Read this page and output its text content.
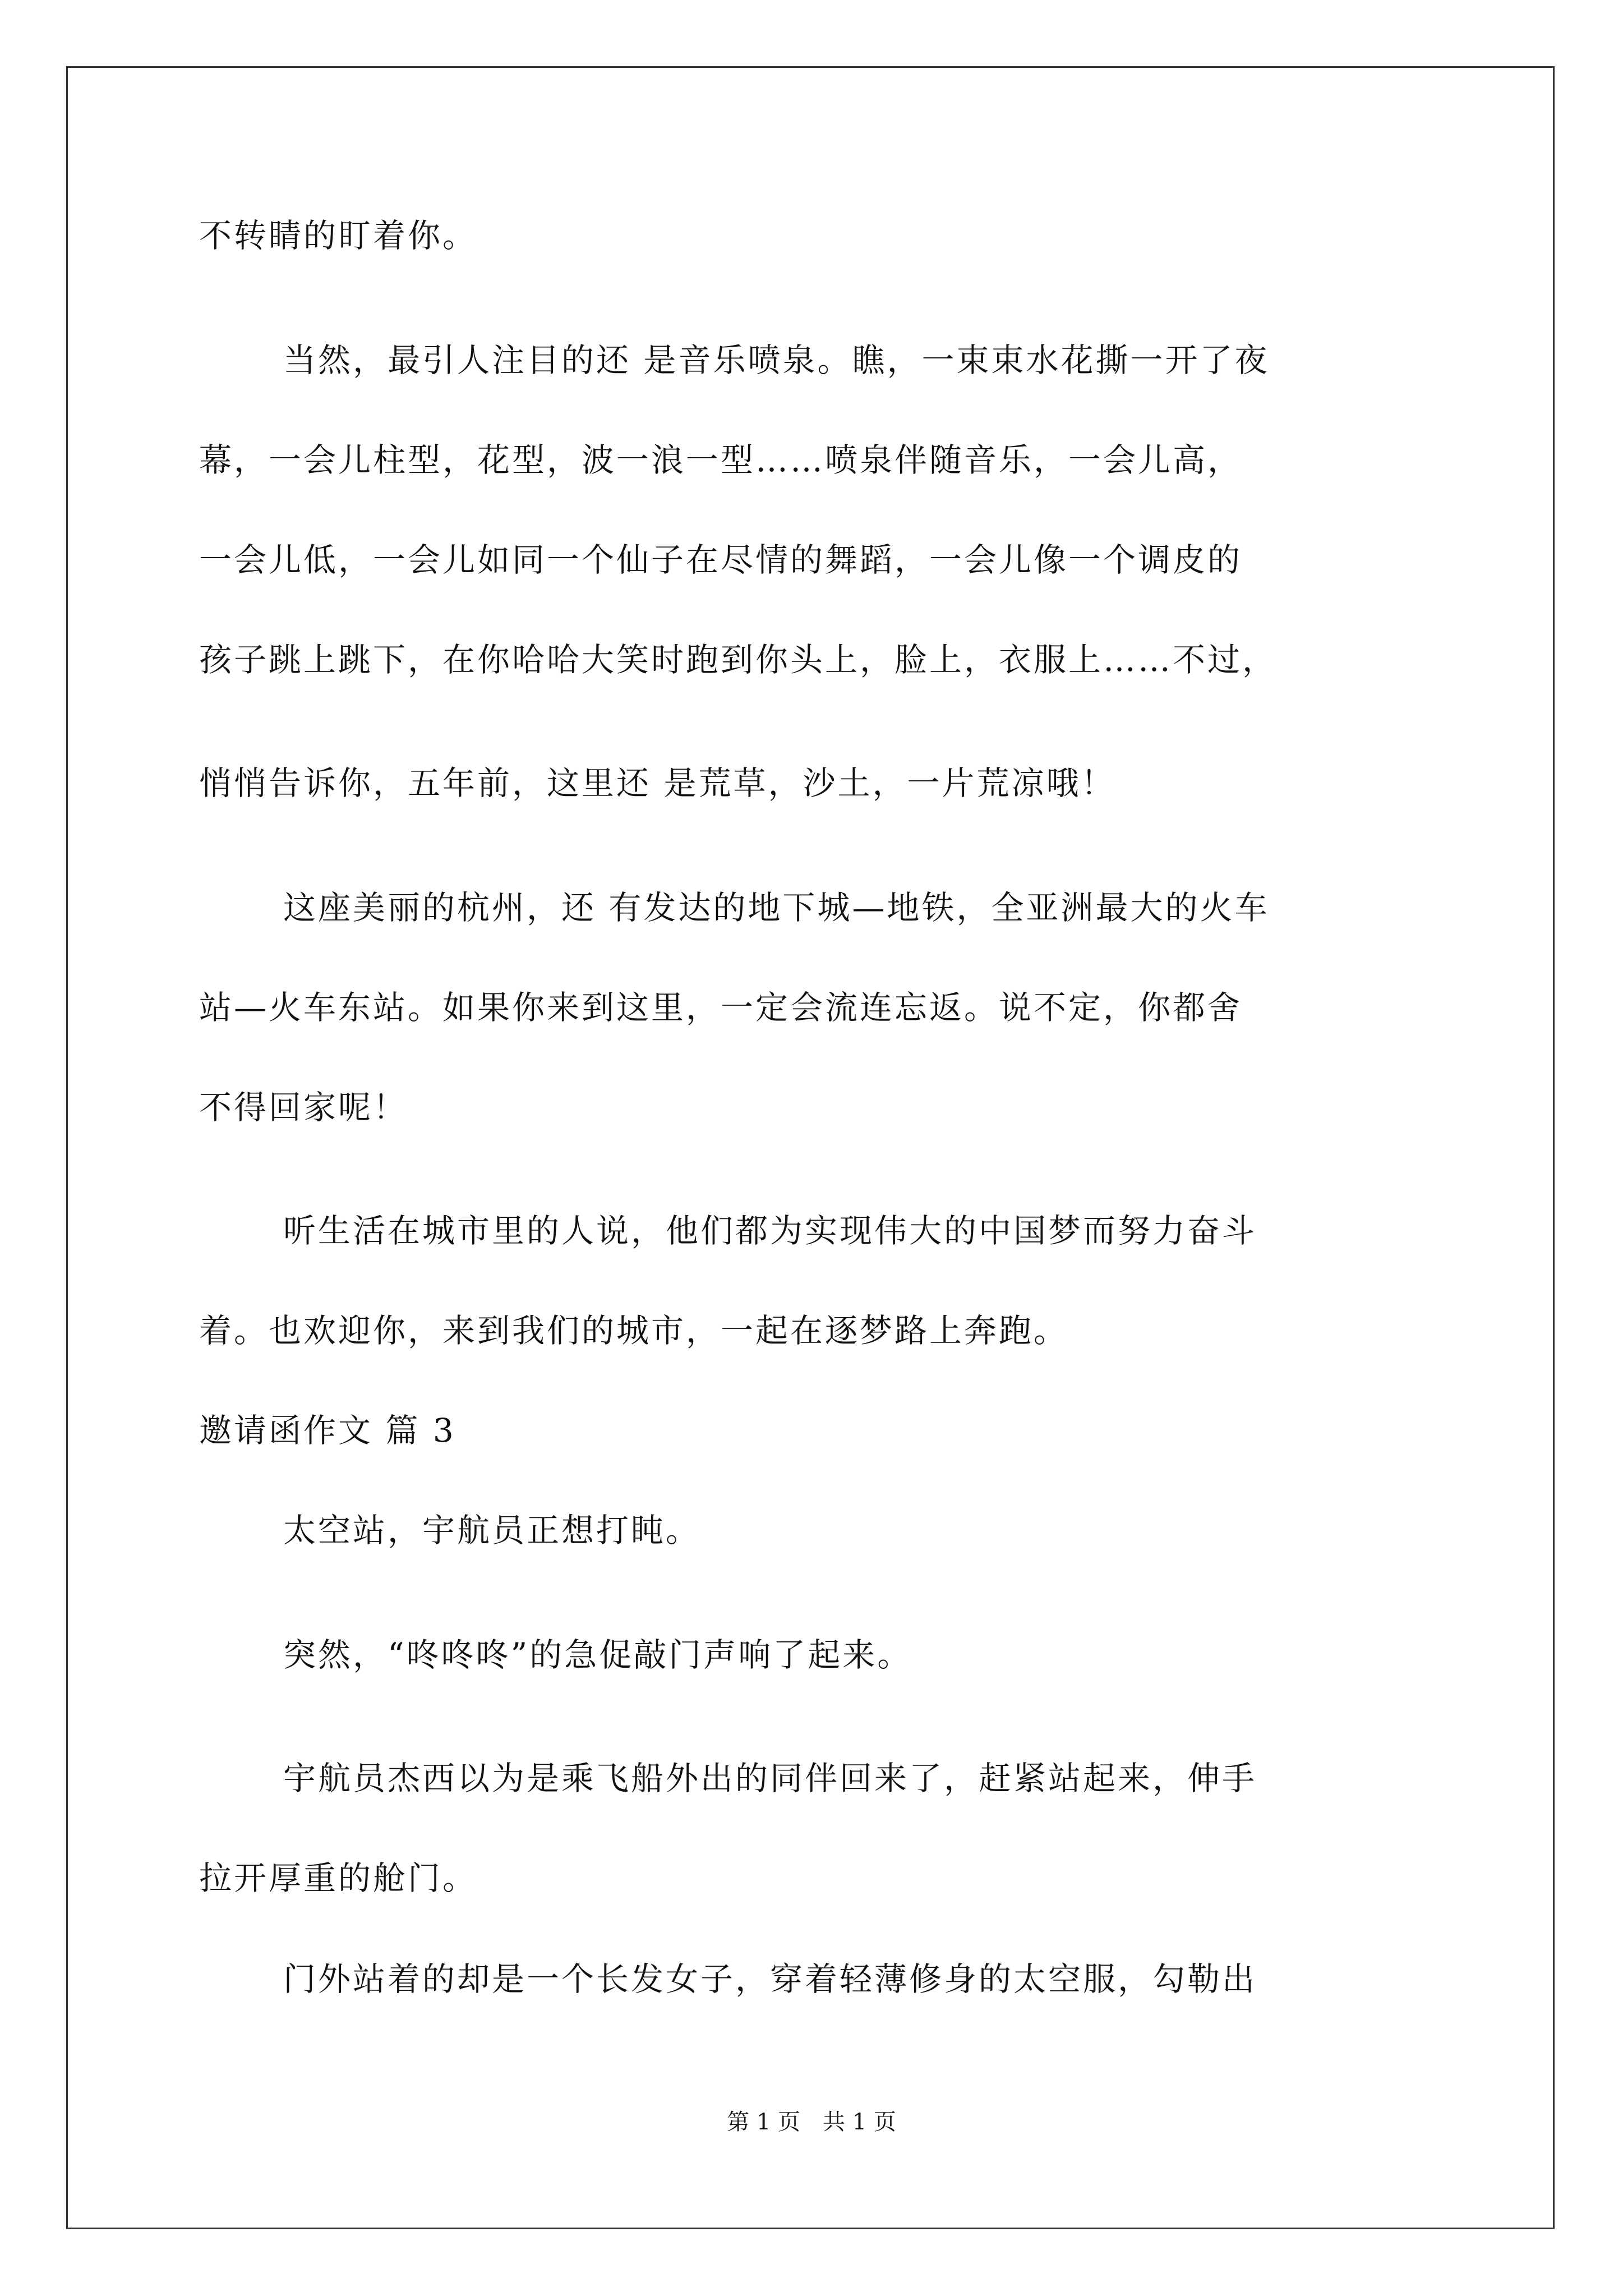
不转睛的盯着你。
当然，最引人注目的还 是音乐喷泉。瞧，一束束水花撕一开了夜
幕，一会儿柱型，花型，波一浪一型……喷泉伴随音乐，一会儿高，
一会儿低，一会儿如同一个仙子在尽情的舞蹈，一会儿像一个调皮的
孩子跳上跳下，在你哈哈大笑时跑到你头上，脸上，衣服上……不过，
悄悄告诉你，五年前，这里还 是荒草，沙土，一片荒凉哦！
这座美丽的杭州，还 有发达的地下城—地铁，全亚洲最大的火车
站—火车东站。如果你来到这里，一定会流连忘返。说不定，你都舍
不得回家呢！
听生活在城市里的人说，他们都为实现伟大的中国梦而努力奋斗
着。也欢迎你，来到我们的城市，一起在逐梦路上奔跑。
邀请函作文 篇 3
太空站，宇航员正想打盹。
突然，“咚咚咚”的急促敲门声响了起来。
宇航员杰西以为是乘飞船外出的同伴回来了，赶紧站起来，伸手
拉开厚重的舱门。
门外站着的却是一个长发女子，穿着轻薄修身的太空服，勾勒出
第 1 页　共 1 页
